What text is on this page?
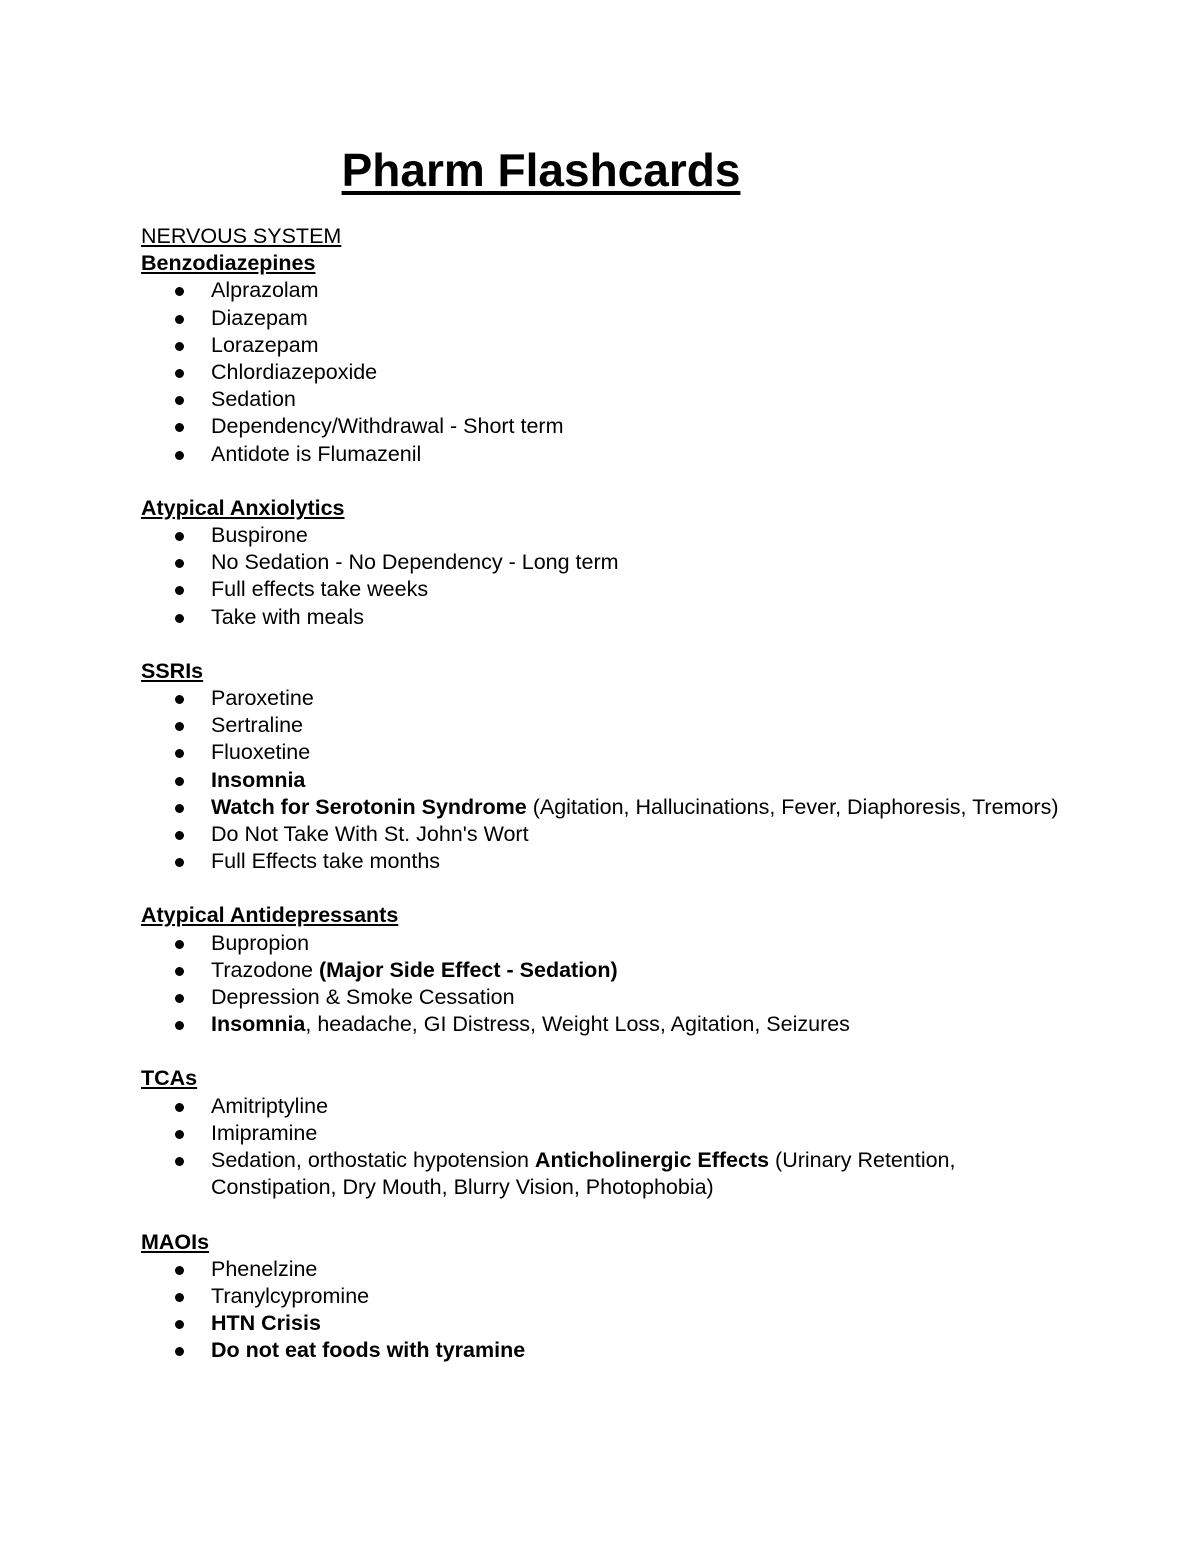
Pharm Flashcards
NERVOUS SYSTEM
Benzodiazepines
Alprazolam
Diazepam
Lorazepam
Chlordiazepoxide
Sedation
Dependency/Withdrawal - Short term
Antidote is Flumazenil
Atypical Anxiolytics
Buspirone
No Sedation - No Dependency - Long term
Full effects take weeks
Take with meals
SSRIs
Paroxetine
Sertraline
Fluoxetine
Insomnia
Watch for Serotonin Syndrome (Agitation, Hallucinations, Fever, Diaphoresis, Tremors)
Do Not Take With St. John's Wort
Full Effects take months
Atypical Antidepressants
Bupropion
Trazodone (Major Side Effect - Sedation)
Depression & Smoke Cessation
Insomnia, headache, GI Distress, Weight Loss, Agitation, Seizures
TCAs
Amitriptyline
Imipramine
Sedation, orthostatic hypotension Anticholinergic Effects (Urinary Retention, Constipation, Dry Mouth, Blurry Vision, Photophobia)
MAOIs
Phenelzine
Tranylcypromine
HTN Crisis
Do not eat foods with tyramine
